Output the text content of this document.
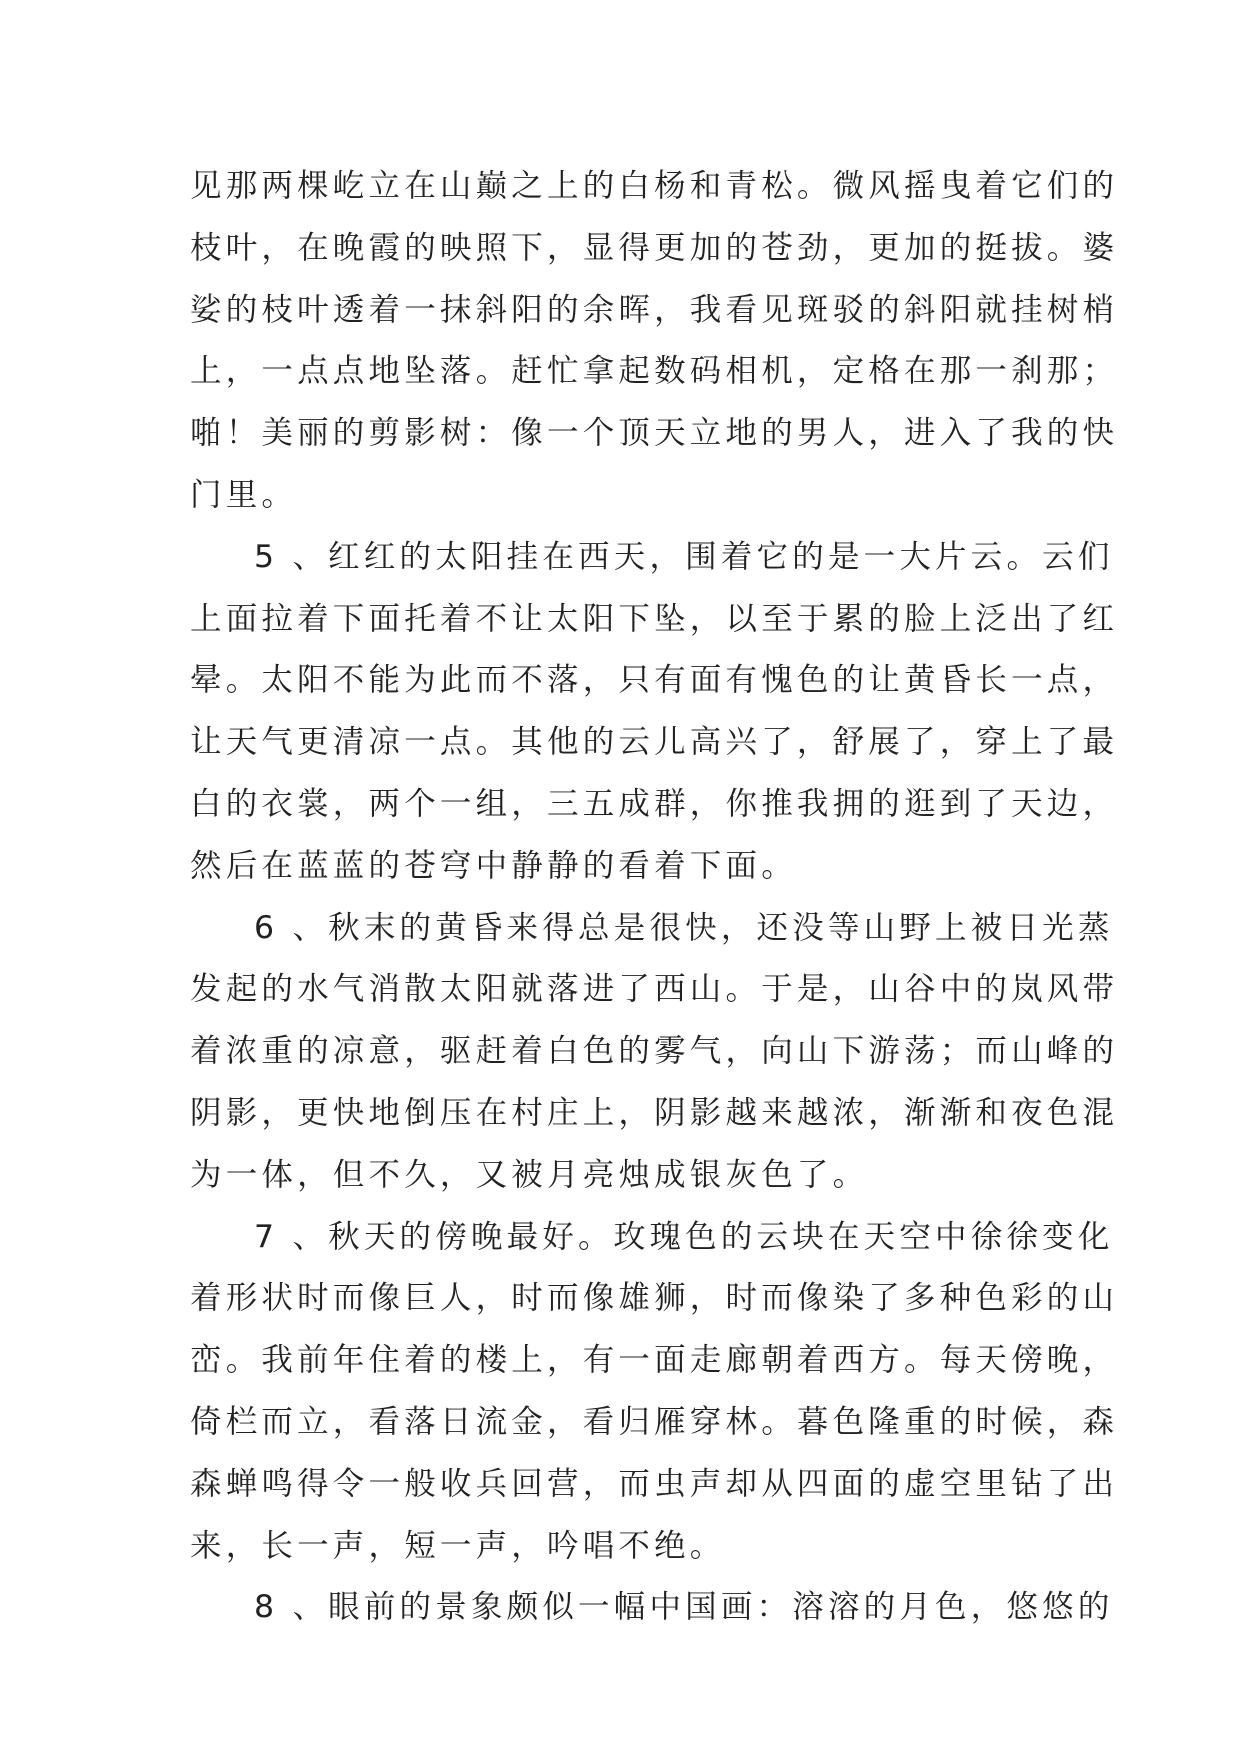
见那两棵屹立在山巅之上的白杨和青松。微风摇曳着它们的

枝叶，在晚霞的映照下，显得更加的苍劲，更加的挺拔。婆

娑的枝叶透着一抹斜阳的余晖，我看见斑驳的斜阳就挂树梢

上，一点点地坠落。赶忙拿起数码相机，定格在那一刹那；

啪！美丽的剪影树：像一个顶天立地的男人，进入了我的快

门里。

5 、红红的太阳挂在西天，围着它的是一大片云。云们

上面拉着下面托着不让太阳下坠，以至于累的脸上泛出了红

晕。太阳不能为此而不落，只有面有愧色的让黄昏长一点，

让天气更清凉一点。其他的云儿高兴了，舒展了，穿上了最

白的衣裳，两个一组，三五成群，你推我拥的逛到了天边，

然后在蓝蓝的苍穹中静静的看着下面。

6 、秋末的黄昏来得总是很快，还没等山野上被日光蒸

发起的水气消散太阳就落进了西山。于是，山谷中的岚风带

着浓重的凉意，驱赶着白色的雾气，向山下游荡；而山峰的

阴影，更快地倒压在村庄上，阴影越来越浓，渐渐和夜色混

为一体，但不久，又被月亮烛成银灰色了。

7 、秋天的傍晚最好。玫瑰色的云块在天空中徐徐变化

着形状时而像巨人，时而像雄狮，时而像染了多种色彩的山

峦。我前年住着的楼上，有一面走廊朝着西方。每天傍晚，

倚栏而立，看落日流金，看归雁穿林。暮色隆重的时候，森

森蝉鸣得令一般收兵回营，而虫声却从四面的虚空里钻了出

来，长一声，短一声，吟唱不绝。

8 、眼前的景象颇似一幅中国画：溶溶的月色，悠悠的
